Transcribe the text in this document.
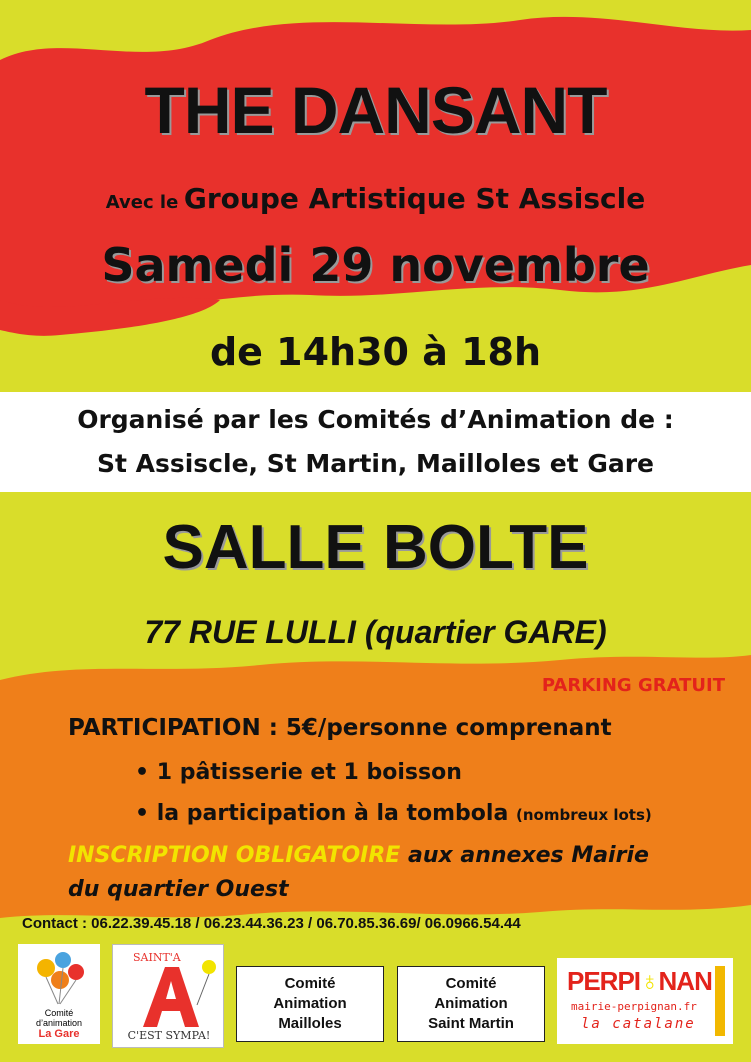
THE DANSANT
Avec le Groupe Artistique St Assiscle
Samedi 29 novembre
de 14h30 à 18h
Organisé par les Comités d’Animation de :
St Assiscle, St Martin, Mailloles et Gare
SALLE BOLTE
77 RUE LULLI (quartier GARE)
PARKING GRATUIT
PARTICIPATION : 5€/personne comprenant
• 1 pâtisserie et 1 boisson
• la participation à la tombola (nombreux lots)
INSCRIPTION OBLIGATOIRE aux annexes Mairie
du quartier Ouest
Contact : 06.22.39.45.18 / 06.23.44.36.23 / 06.70.85.36.69/ 06.0966.54.44
Comité
d’animation
La Gare
SAINT'A
C'EST SYMPA!
Comité
Animation
Mailloles
Comité
Animation
Saint Martin
PERPI♁NAN
mairie-perpignan.fr
la catalane
